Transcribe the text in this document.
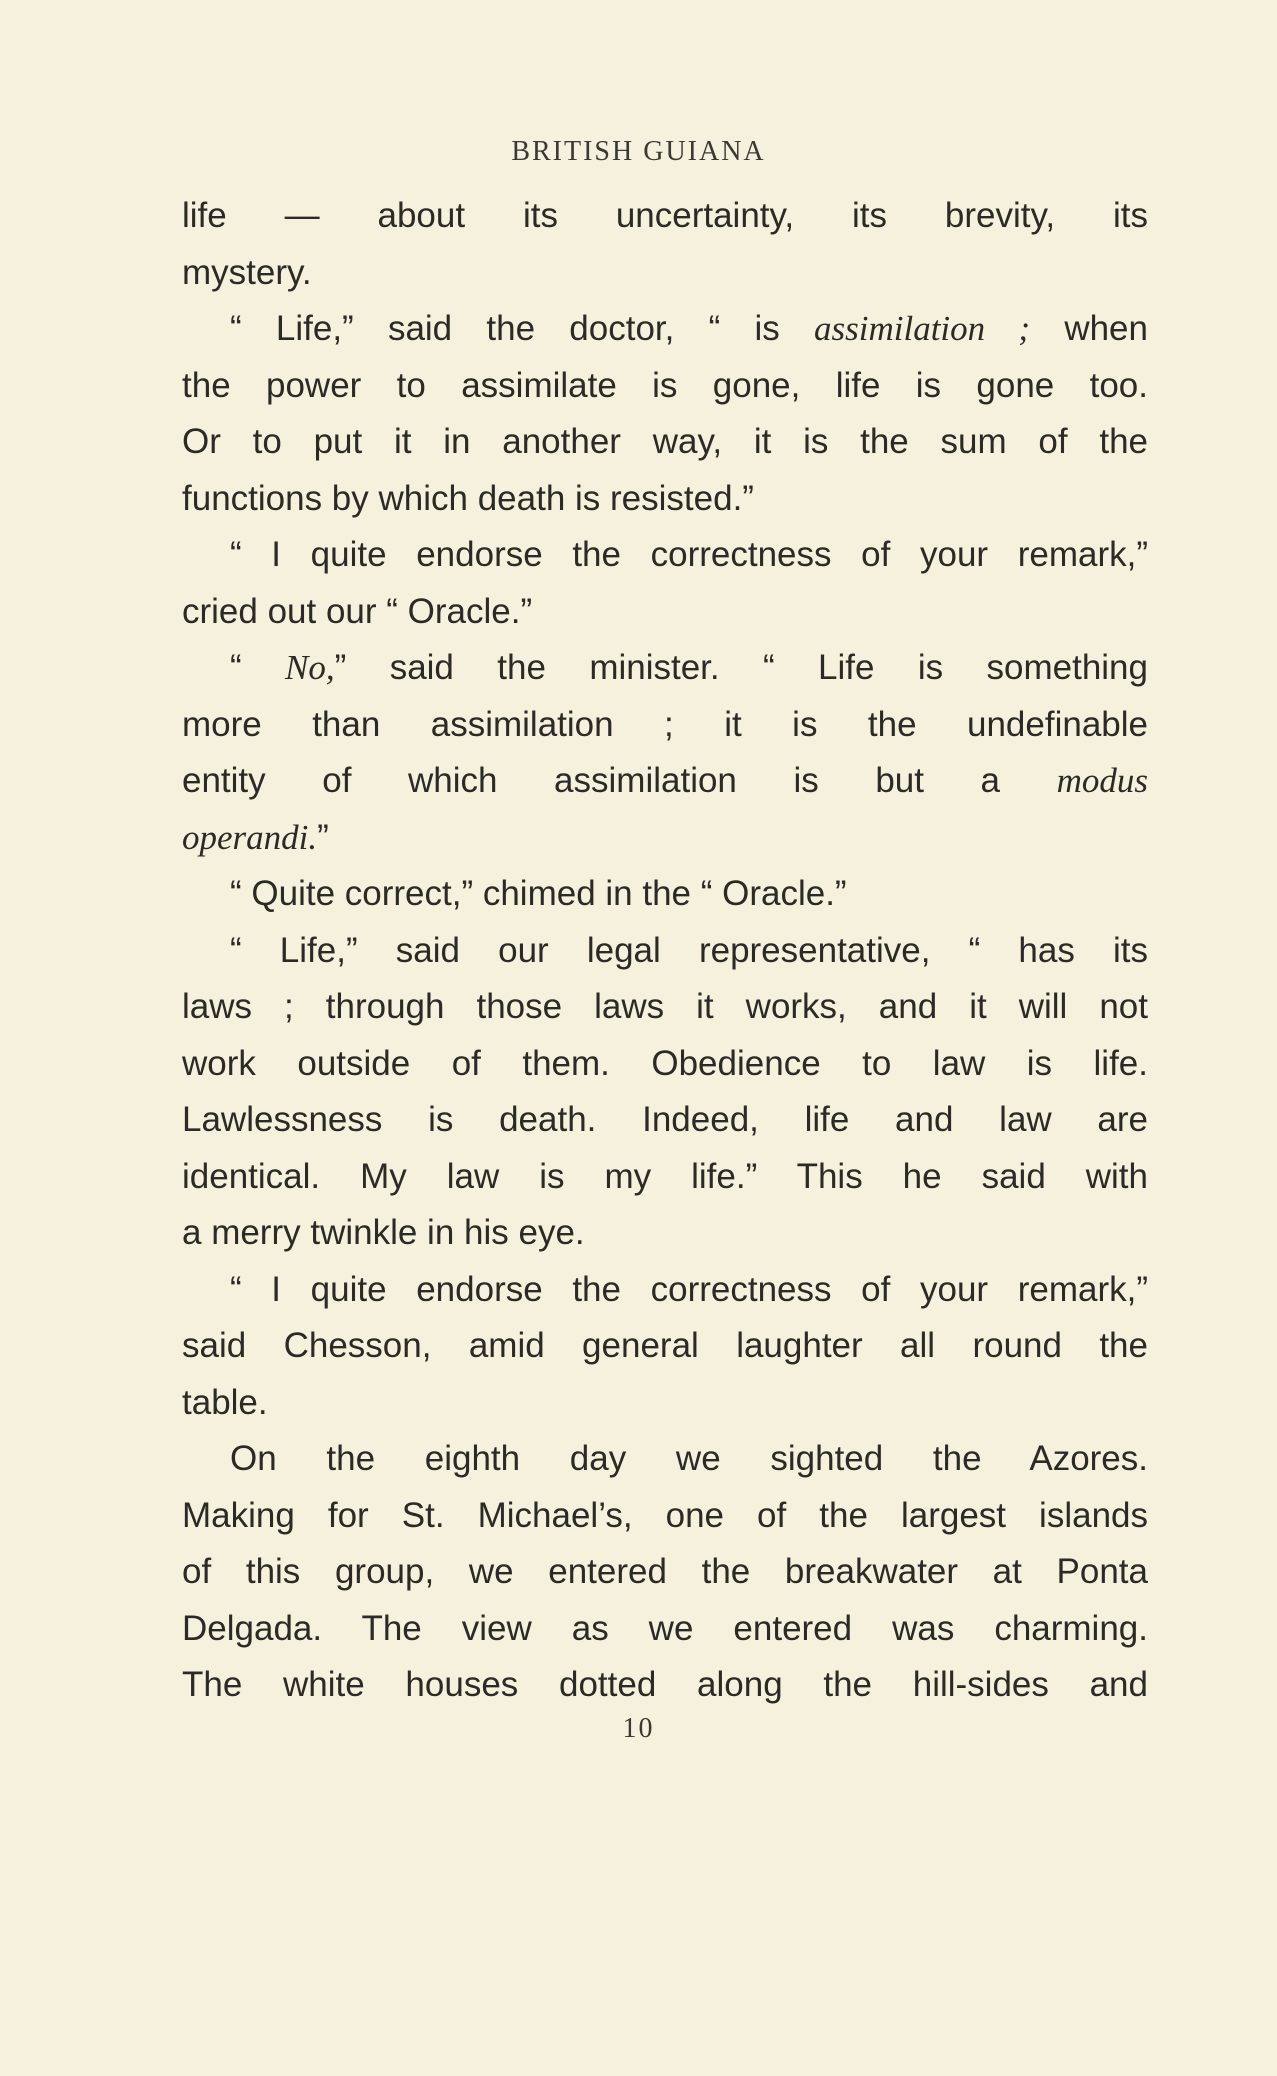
BRITISH GUIANA
life — about its uncertainty, its brevity, its
mystery.
“ Life,” said the doctor, “ is assimilation ; when
the power to assimilate is gone, life is gone too.
Or to put it in another way, it is the sum of the
functions by which death is resisted.”
“ I quite endorse the correctness of your remark,”
cried out our “ Oracle.”
“ No,” said the minister. “ Life is something
more than assimilation ; it is the undefinable
entity of which assimilation is but a modus
operandi.”
“ Quite correct,” chimed in the “ Oracle.”
“ Life,” said our legal representative, “ has its
laws ; through those laws it works, and it will not
work outside of them. Obedience to law is life.
Lawlessness is death. Indeed, life and law are
identical. My law is my life.” This he said with
a merry twinkle in his eye.
“ I quite endorse the correctness of your remark,”
said Chesson, amid general laughter all round the
table.
On the eighth day we sighted the Azores.
Making for St. Michael’s, one of the largest islands
of this group, we entered the breakwater at Ponta
Delgada. The view as we entered was charming.
The white houses dotted along the hill-sides and
10
